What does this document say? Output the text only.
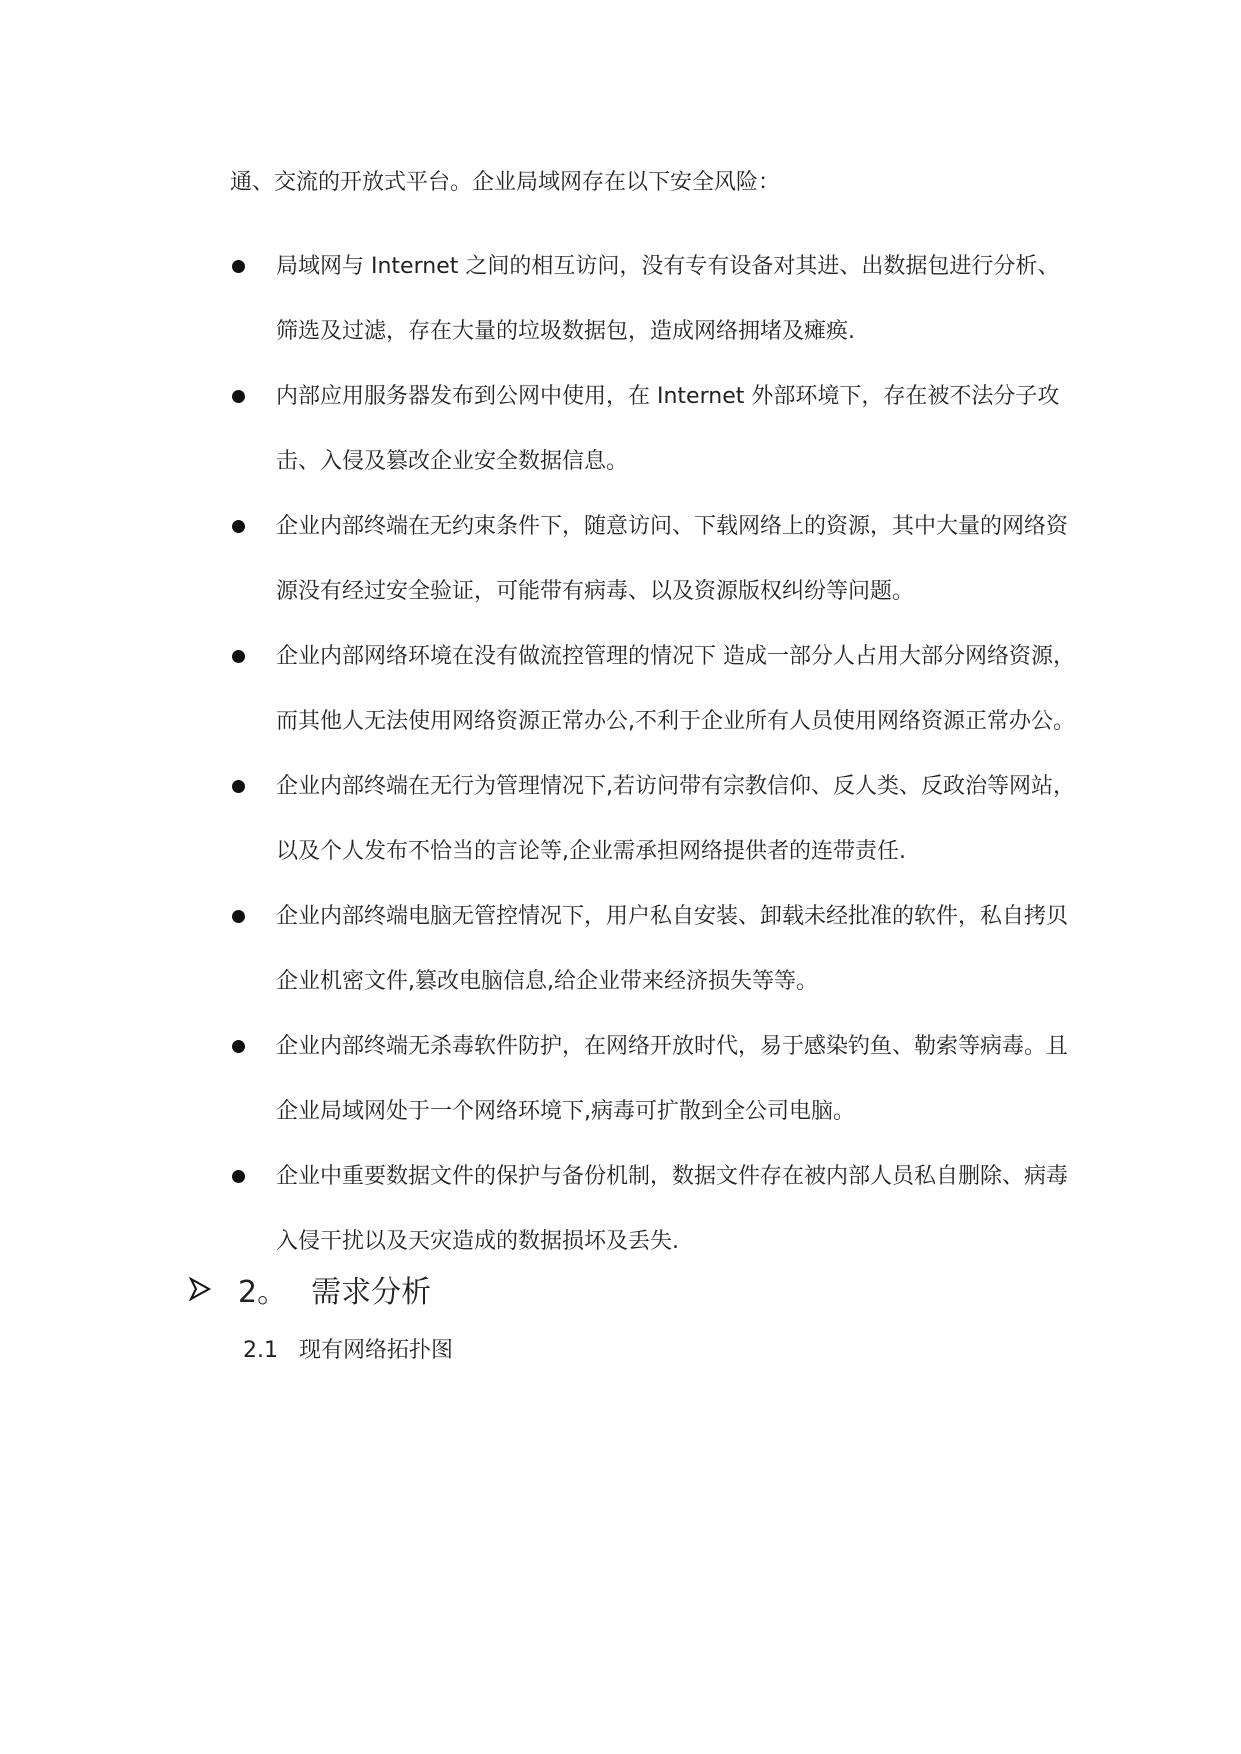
通、交流的开放式平台。企业局域网存在以下安全风险：
局域网与 Internet 之间的相互访问，没有专有设备对其进、出数据包进行分析、
筛选及过滤，存在大量的垃圾数据包，造成网络拥堵及瘫痪.
内部应用服务器发布到公网中使用，在 Internet 外部环境下，存在被不法分子攻
击、入侵及篡改企业安全数据信息。
企业内部终端在无约束条件下，随意访问、下载网络上的资源，其中大量的网络资
源没有经过安全验证，可能带有病毒、以及资源版权纠纷等问题。
企业内部网络环境在没有做流控管理的情况下 造成一部分人占用大部分网络资源，
而其他人无法使用网络资源正常办公,不利于企业所有人员使用网络资源正常办公。
企业内部终端在无行为管理情况下,若访问带有宗教信仰、反人类、反政治等网站，
以及个人发布不恰当的言论等,企业需承担网络提供者的连带责任.
企业内部终端电脑无管控情况下，用户私自安装、卸载未经批准的软件，私自拷贝
企业机密文件,篡改电脑信息,给企业带来经济损失等等。
企业内部终端无杀毒软件防护，在网络开放时代，易于感染钓鱼、勒索等病毒。且
企业局域网处于一个网络环境下,病毒可扩散到全公司电脑。
企业中重要数据文件的保护与备份机制，数据文件存在被内部人员私自删除、病毒
入侵干扰以及天灾造成的数据损坏及丢失.
2。 需求分析
2.1 现有网络拓扑图
